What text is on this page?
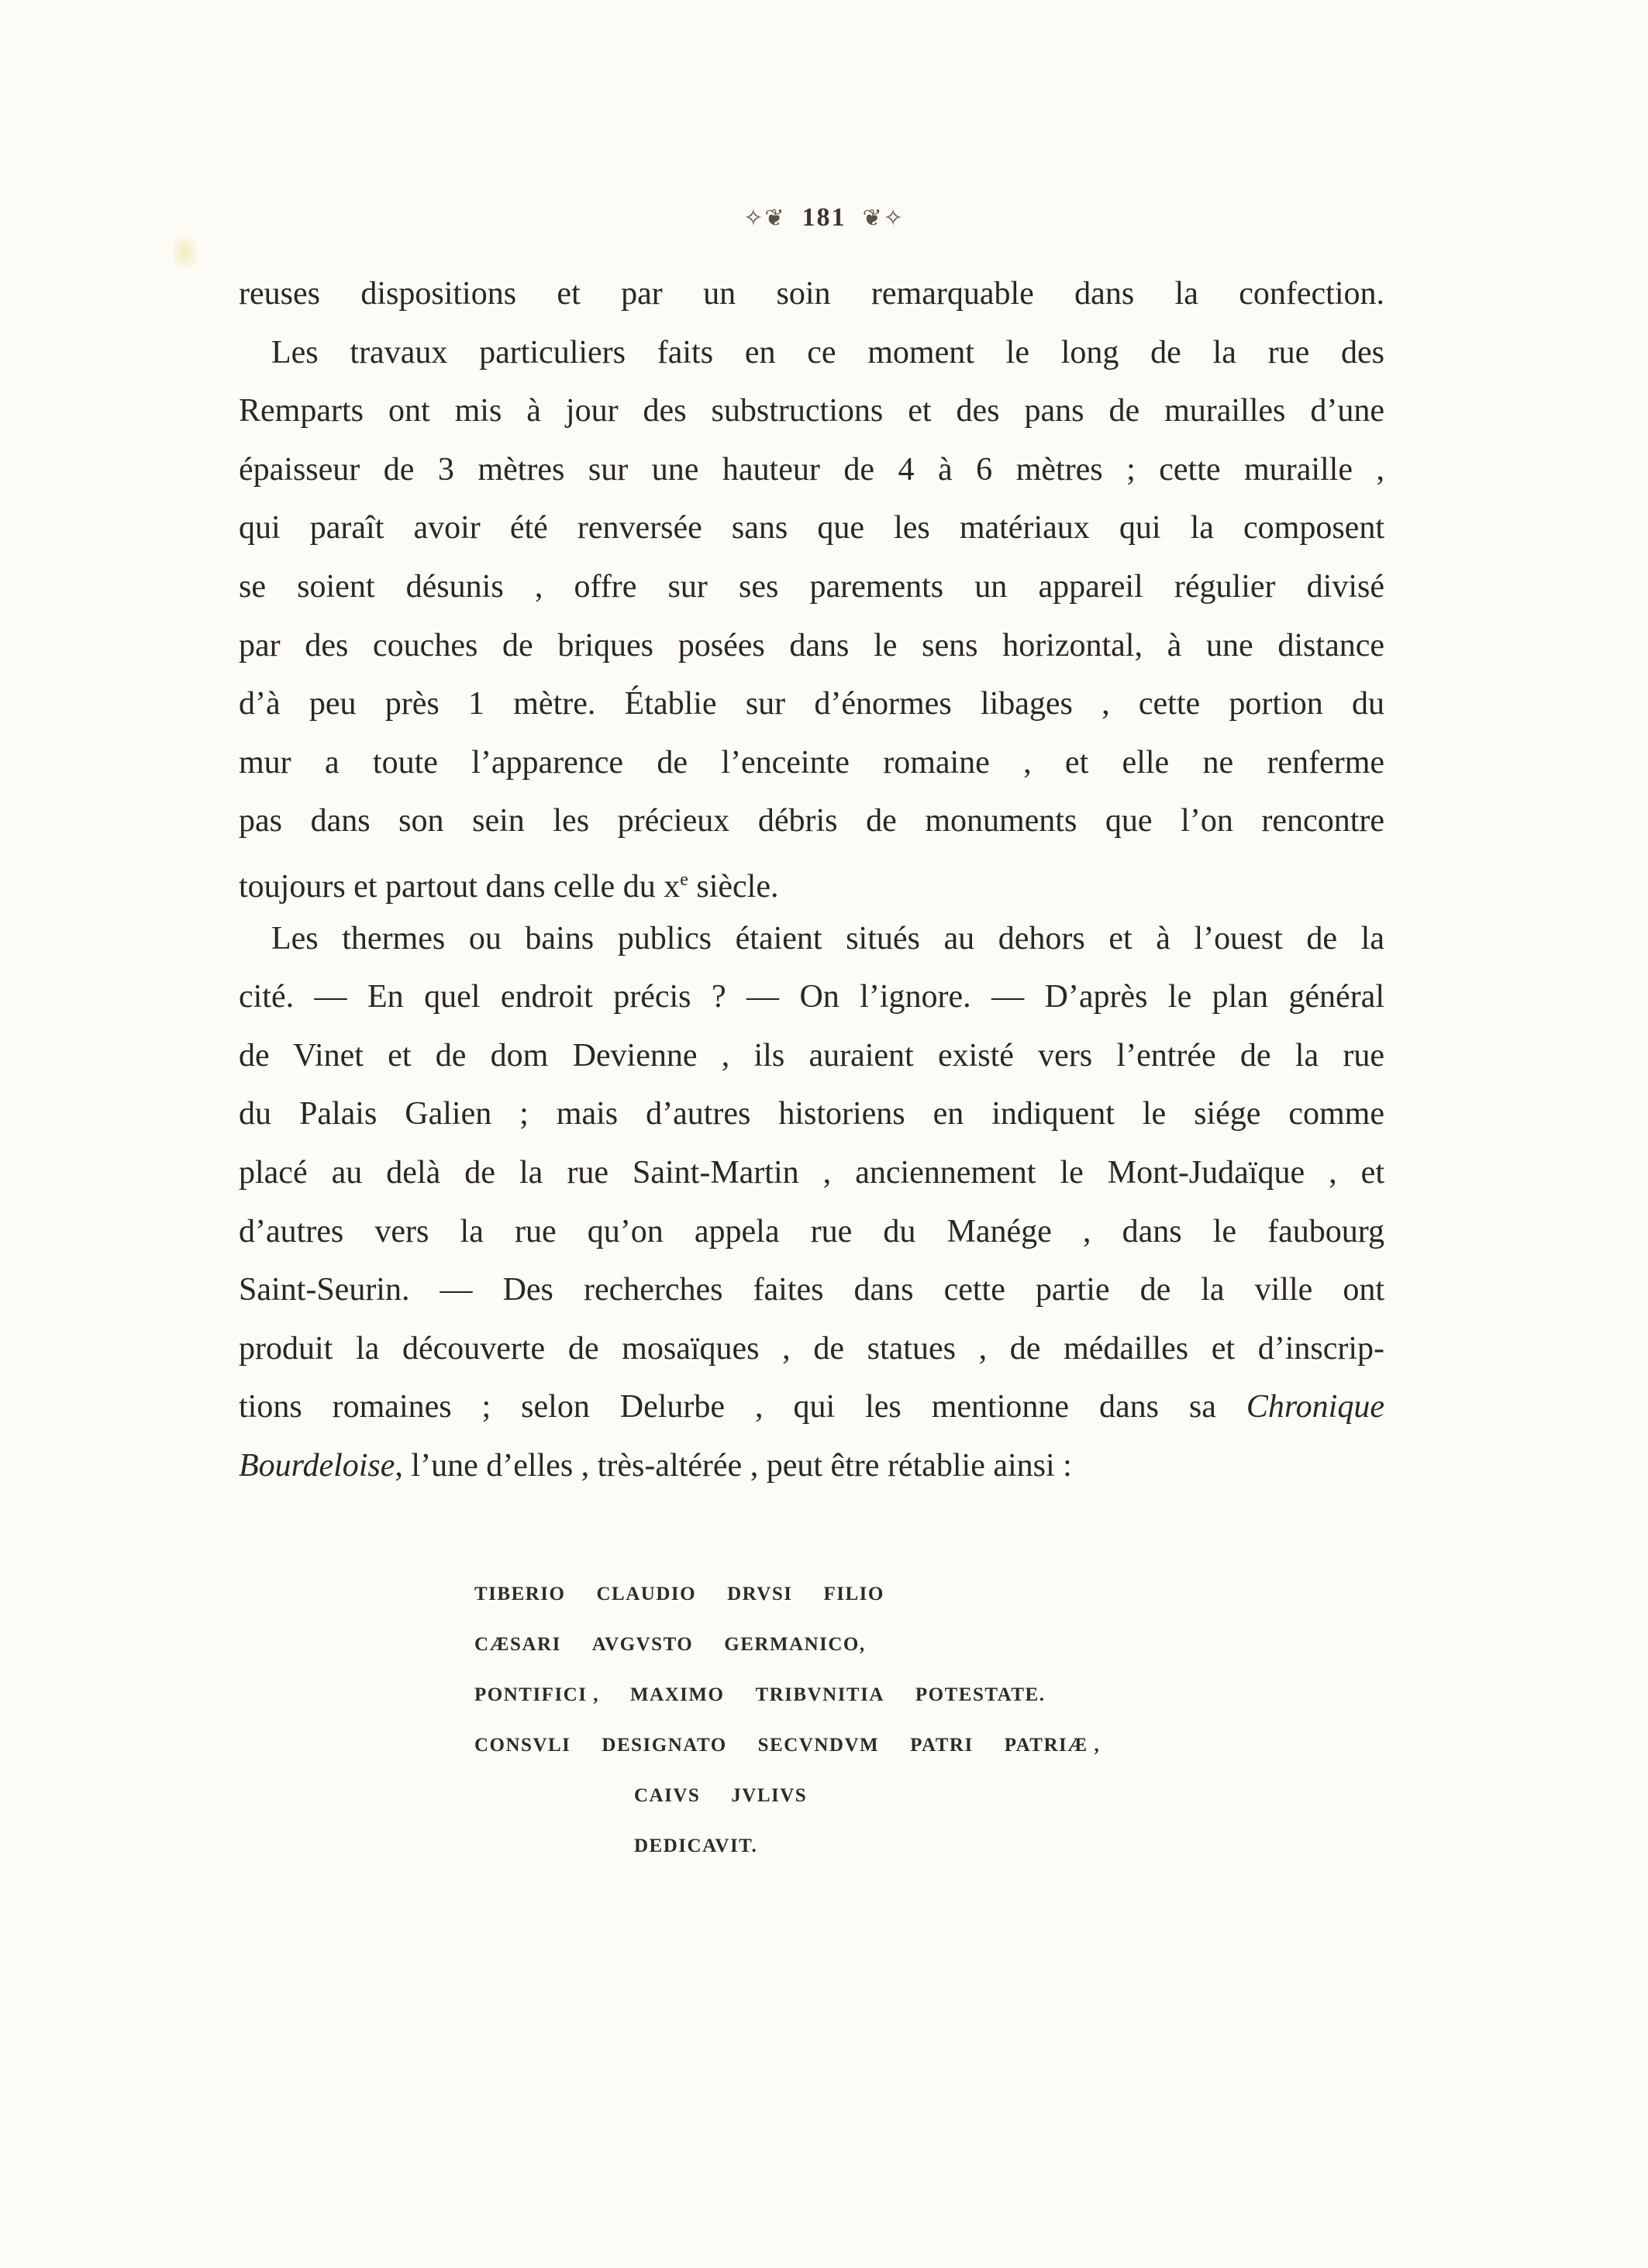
✧❦ 181 ❦✧
reuses dispositions et par un soin remarquable dans la confection.
Les travaux particuliers faits en ce moment le long de la rue des
Remparts ont mis à jour des substructions et des pans de murailles d’une
épaisseur de 3 mètres sur une hauteur de 4 à 6 mètres ; cette muraille ,
qui paraît avoir été renversée sans que les matériaux qui la composent
se soient désunis , offre sur ses parements un appareil régulier divisé
par des couches de briques posées dans le sens horizontal, à une distance
d’à peu près 1 mètre. Établie sur d’énormes libages , cette portion du
mur a toute l’apparence de l’enceinte romaine , et elle ne renferme
pas dans son sein les précieux débris de monuments que l’on rencontre
toujours et partout dans celle du $x^e$ siècle.
Les thermes ou bains publics étaient situés au dehors et à l’ouest de la
cité. — En quel endroit précis ? — On l’ignore. — D’après le plan général
de Vinet et de dom Devienne , ils auraient existé vers l’entrée de la rue
du Palais Galien ; mais d’autres historiens en indiquent le siége comme
placé au delà de la rue Saint-Martin , anciennement le Mont-Judaïque , et
d’autres vers la rue qu’on appela rue du Manége , dans le faubourg
Saint-Seurin. — Des recherches faites dans cette partie de la ville ont
produit la découverte de mosaïques , de statues , de médailles et d’inscrip-
tions romaines ; selon Delurbe , qui les mentionne dans sa Chronique
Bourdeloise, l’une d’elles , très-altérée , peut être rétablie ainsi :
TIBERIO CLAUDIO DRVSI FILIO
CÆSARI AVGVSTO GERMANICO,
PONTIFICI , MAXIMO TRIBVNITIA POTESTATE.
CONSVLI DESIGNATO SECVNDVM PATRI PATRIÆ ,
CAIVS JVLIVS
DEDICAVIT.
